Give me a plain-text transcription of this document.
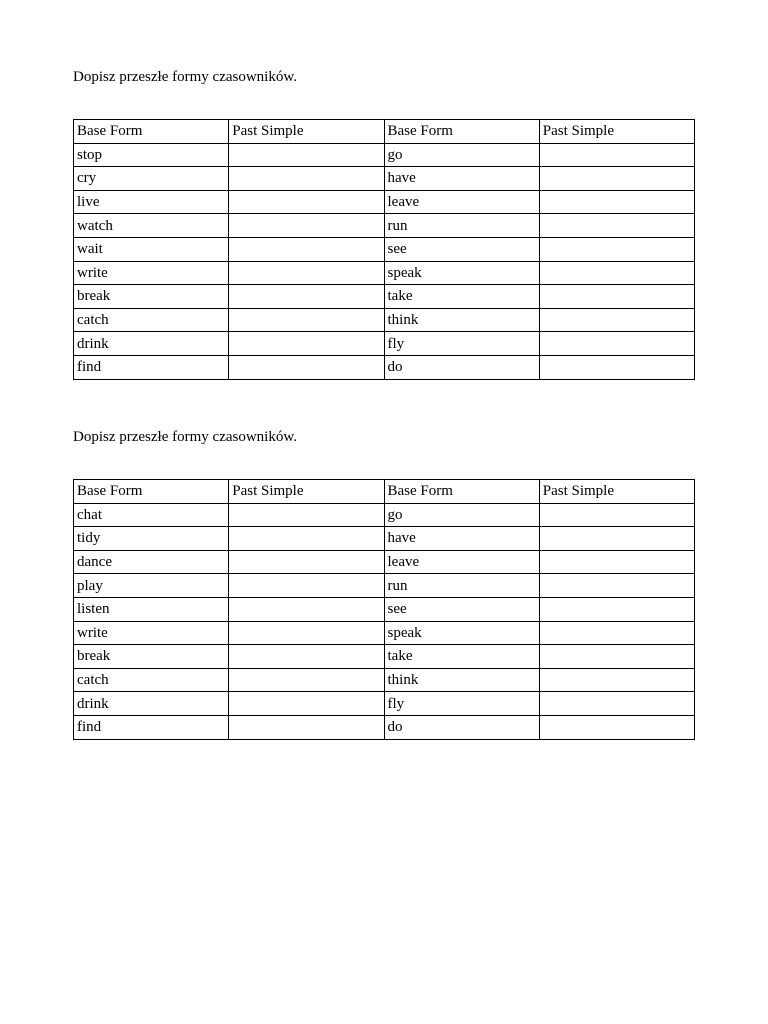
Dopisz przeszłe formy czasowników.

Base Form	Past Simple	Base Form	Past Simple
stop		go	
cry		have	
live		leave	
watch		run	
wait		see	
write		speak	
break		take	
catch		think	
drink		fly	
find		do	

Dopisz przeszłe formy czasowników.

Base Form	Past Simple	Base Form	Past Simple
chat		go	
tidy		have	
dance		leave	
play		run	
listen		see	
write		speak	
break		take	
catch		think	
drink		fly	
find		do	
